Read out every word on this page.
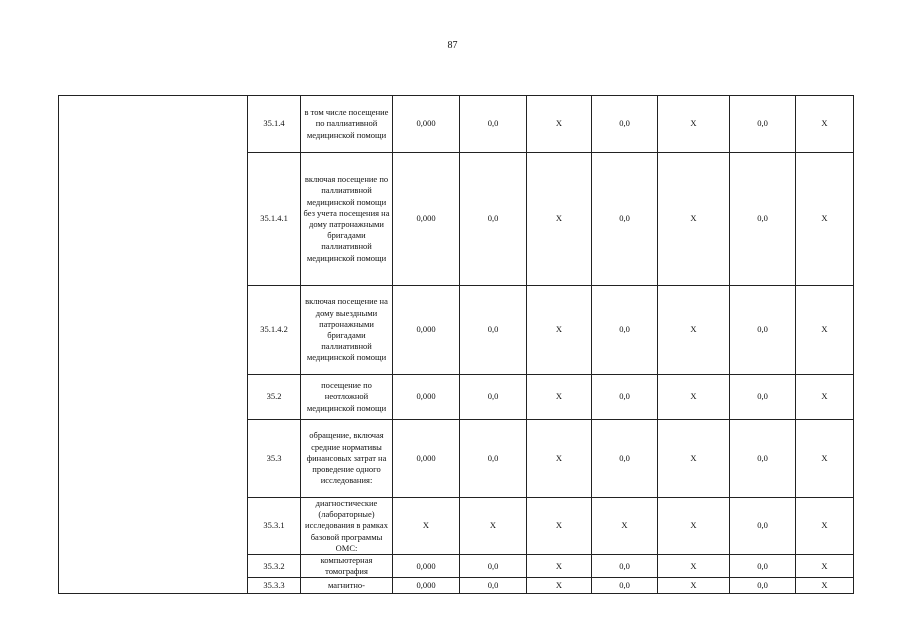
87
	35.1.4	в том числе посещение по паллиативной медицинской помощи	0,000	0,0	X	0,0	X	0,0	X
	35.1.4.1	включая посещение по паллиативной медицинской помощи без учета посещения на дому патронажными бригадами паллиативной медицинской помощи	0,000	0,0	X	0,0	X	0,0	X
	35.1.4.2	включая посещение на дому выездными патронажными бригадами паллиативной медицинской помощи	0,000	0,0	X	0,0	X	0,0	X
	35.2	посещение по неотложной медицинской помощи	0,000	0,0	X	0,0	X	0,0	X
	35.3	обращение, включая средние нормативы финансовых затрат на проведение одного исследования:	0,000	0,0	X	0,0	X	0,0	X
	35.3.1	диагностические (лабораторные) исследования в рамках базовой программы ОМС:	X	X	X	X	X	0,0	X
	35.3.2	компьютерная томография	0,000	0,0	X	0,0	X	0,0	X
	35.3.3	магнитно-	0,000	0,0	X	0,0	X	0,0	X
